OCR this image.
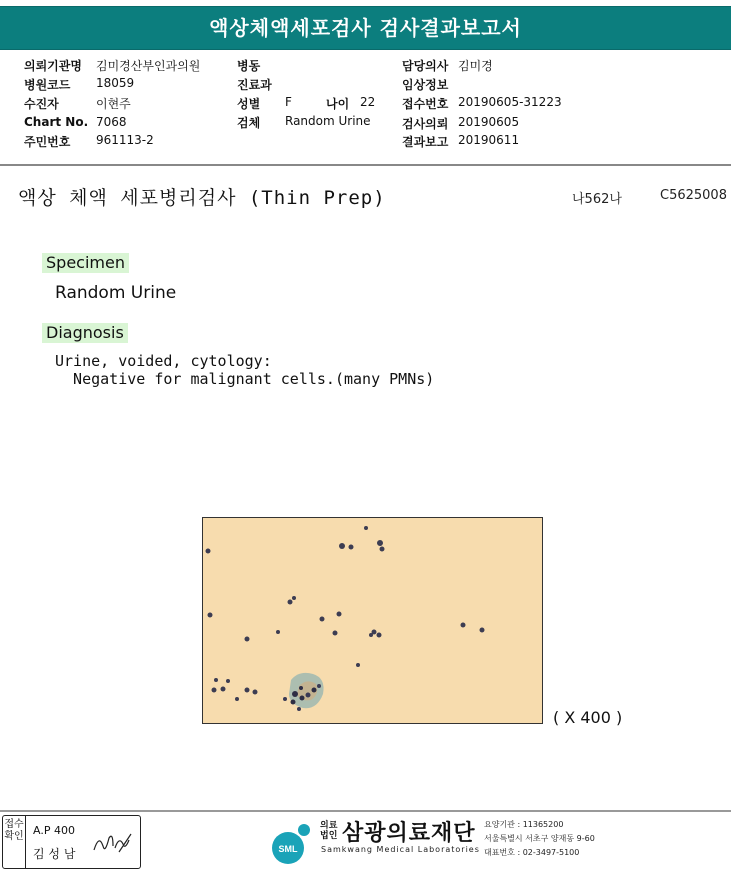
액상체액세포검사 검사결과보고서
의뢰기관명 김미경산부인과의원
병원코드 18059
수진자	이현주
Chart No. 7068
주민번호 961113-2
병동
진료과
성별 F	나이 22
검체 Random Urine
담당의사 김미경
임상정보
접수번호 20190605-31223
검사의뢰 20190605
결과보고 20190611
액상 체액 세포병리검사 (Thin Prep)	나562나	C5625008
Specimen
Random Urine
Diagnosis
Urine, voided, cytology:
Negative for malignant cells.(many PMNs)
( X 400 )
접수
확인 A.P 400
김 성 남	SML
의료
법인 삼광의료재단
Samkwang Medical Laboratories
요양기관 : 11365200
서울특별시 서초구 양재동 9-60
대표번호 : 02-3497-5100
